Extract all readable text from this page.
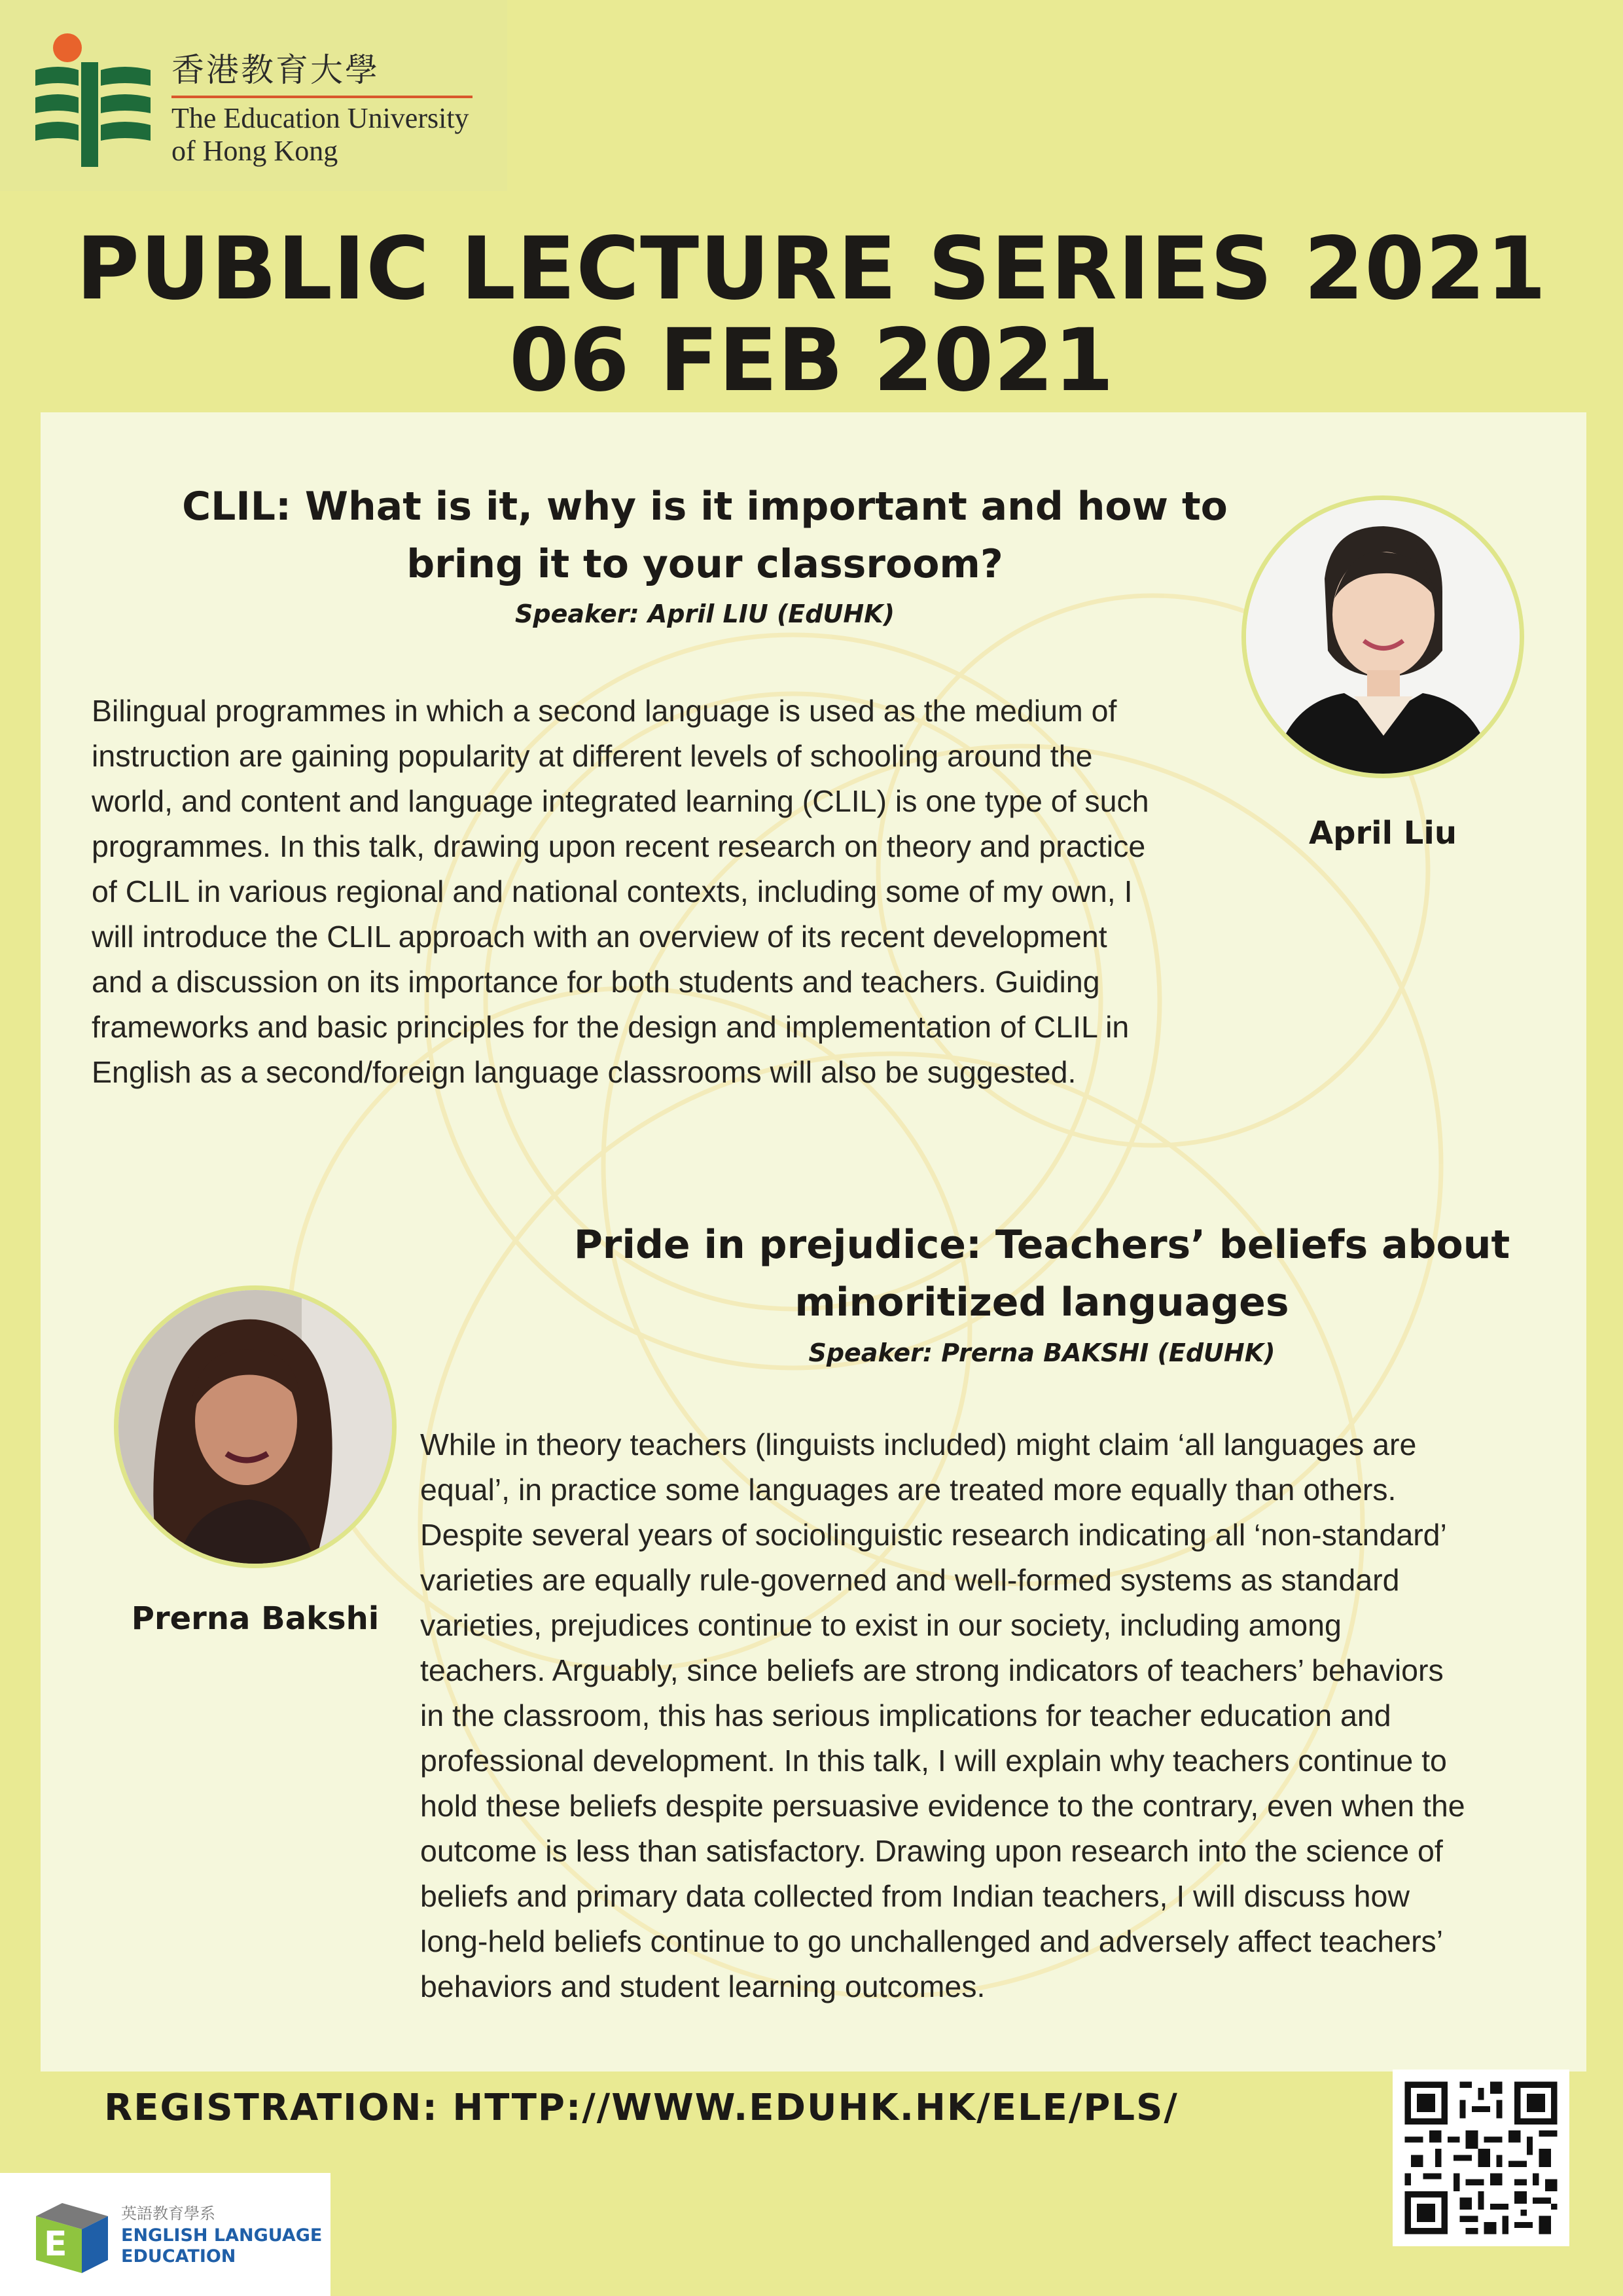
香港教育大學
The Education University
of Hong Kong
PUBLIC LECTURE SERIES 2021
06 FEB 2021
CLIL: What is it, why is it important and how to
bring it to your classroom?
Speaker: April LIU (EdUHK)
Bilingual programmes in which a second language is used as the medium of
instruction are gaining popularity at different levels of schooling around the
world, and content and language integrated learning (CLIL) is one type of such
programmes. In this talk, drawing upon recent research on theory and practice
of CLIL in various regional and national contexts, including some of my own, I
will introduce the CLIL approach with an overview of its recent development
and a discussion on its importance for both students and teachers. Guiding
frameworks and basic principles for the design and implementation of CLIL in
English as a second/foreign language classrooms will also be suggested.
April Liu
Pride in prejudice: Teachers’ beliefs about
minoritized languages
Speaker: Prerna BAKSHI (EdUHK)
While in theory teachers (linguists included) might claim ‘all languages are
equal’, in practice some languages are treated more equally than others.
Despite several years of sociolinguistic research indicating all ‘non-standard’
varieties are equally rule-governed and well-formed systems as standard
varieties, prejudices continue to exist in our society, including among
teachers. Arguably, since beliefs are strong indicators of teachers’ behaviors
in the classroom, this has serious implications for teacher education and
professional development. In this talk, I will explain why teachers continue to
hold these beliefs despite persuasive evidence to the contrary, even when the
outcome is less than satisfactory. Drawing upon research into the science of
beliefs and primary data collected from Indian teachers, I will discuss how
long-held beliefs continue to go unchallenged and adversely affect teachers’
behaviors and student learning outcomes.
Prerna Bakshi
REGISTRATION: HTTP://WWW.EDUHK.HK/ELE/PLS/
E
英語教育學系
ENGLISH LANGUAGE
EDUCATION
